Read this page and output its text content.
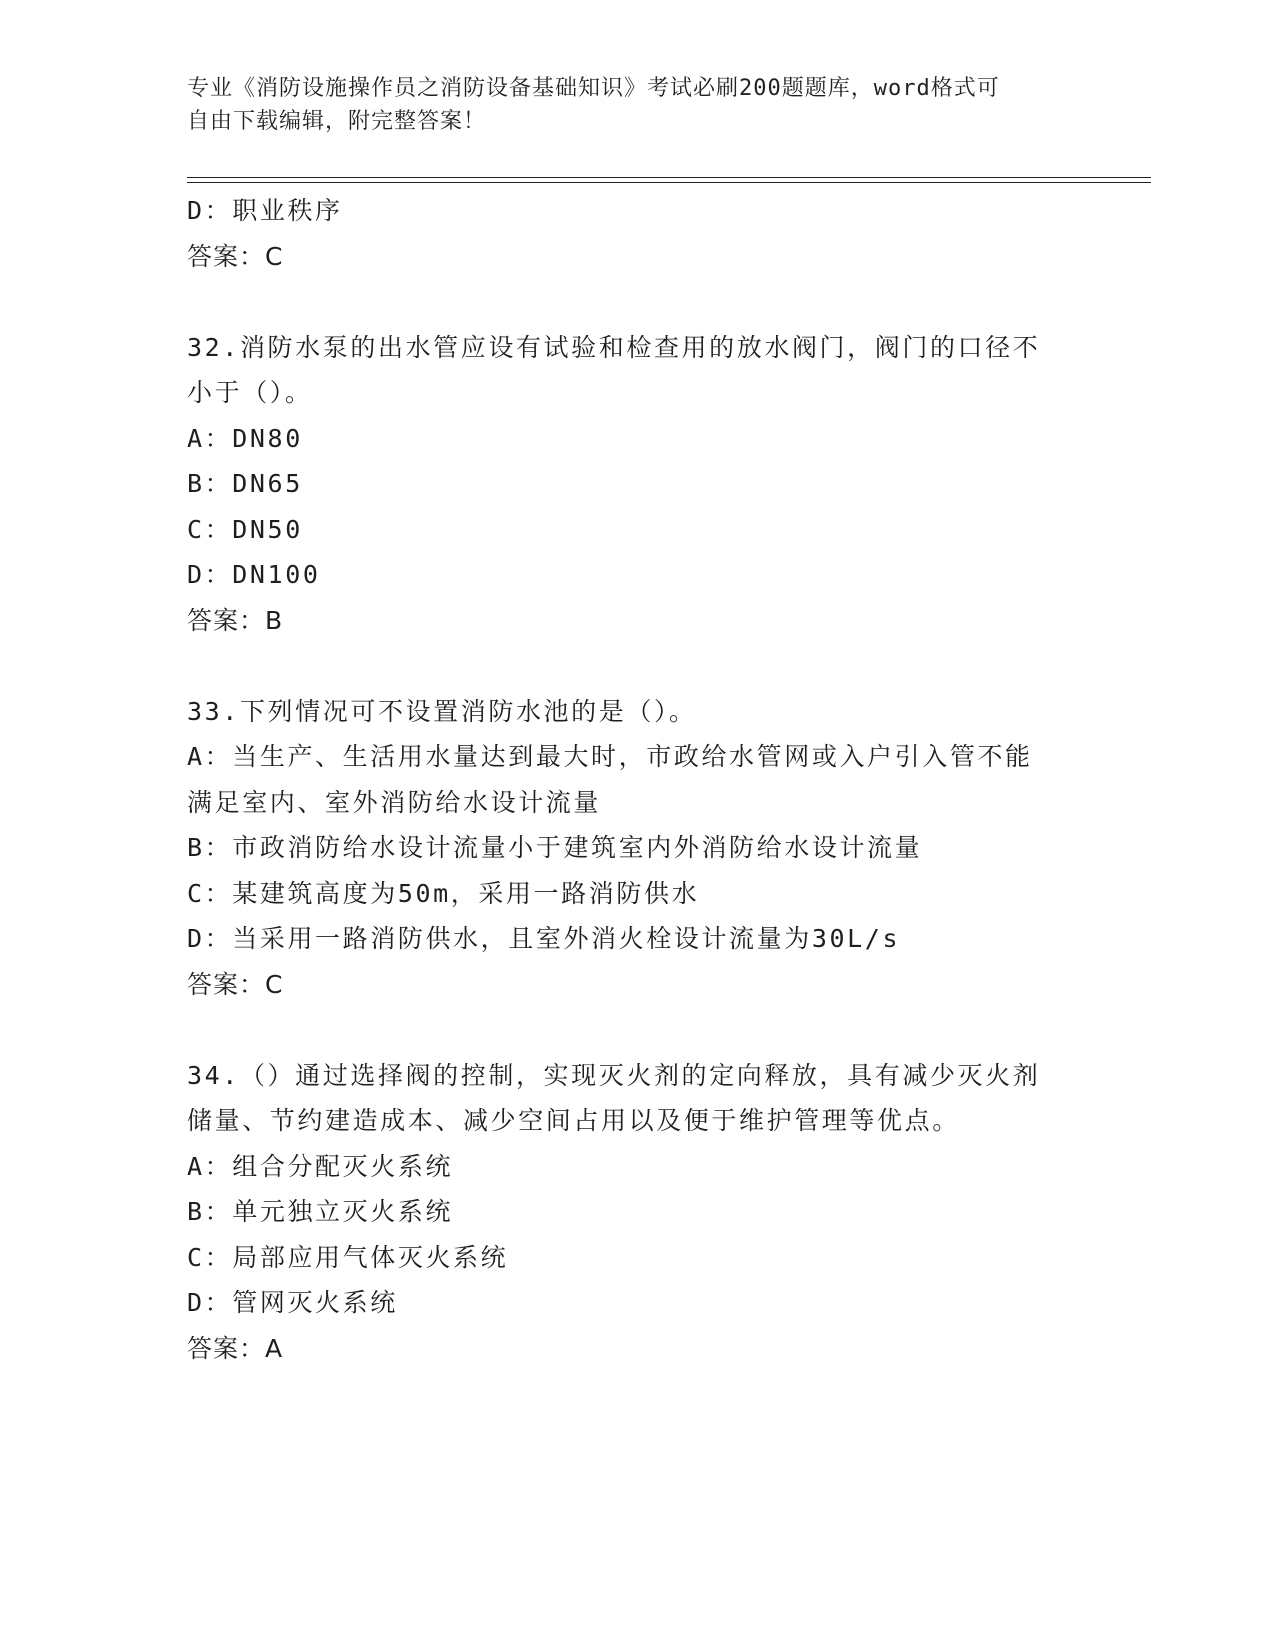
专业《消防设施操作员之消防设备基础知识》考试必刷200题题库，word格式可
自由下载编辑，附完整答案！
D：职业秩序
答案：C
32.消防水泵的出水管应设有试验和检查用的放水阀门，阀门的口径不
小于（）。
A：DN80
B：DN65
C：DN50
D：DN100
答案：B
33.下列情况可不设置消防水池的是（）。
A：当生产、生活用水量达到最大时，市政给水管网或入户引入管不能
满足室内、室外消防给水设计流量
B：市政消防给水设计流量小于建筑室内外消防给水设计流量
C：某建筑高度为50m，采用一路消防供水
D：当采用一路消防供水，且室外消火栓设计流量为30L/s
答案：C
34.（）通过选择阀的控制，实现灭火剂的定向释放，具有减少灭火剂
储量、节约建造成本、减少空间占用以及便于维护管理等优点。
A：组合分配灭火系统
B：单元独立灭火系统
C：局部应用气体灭火系统
D：管网灭火系统
答案：A
